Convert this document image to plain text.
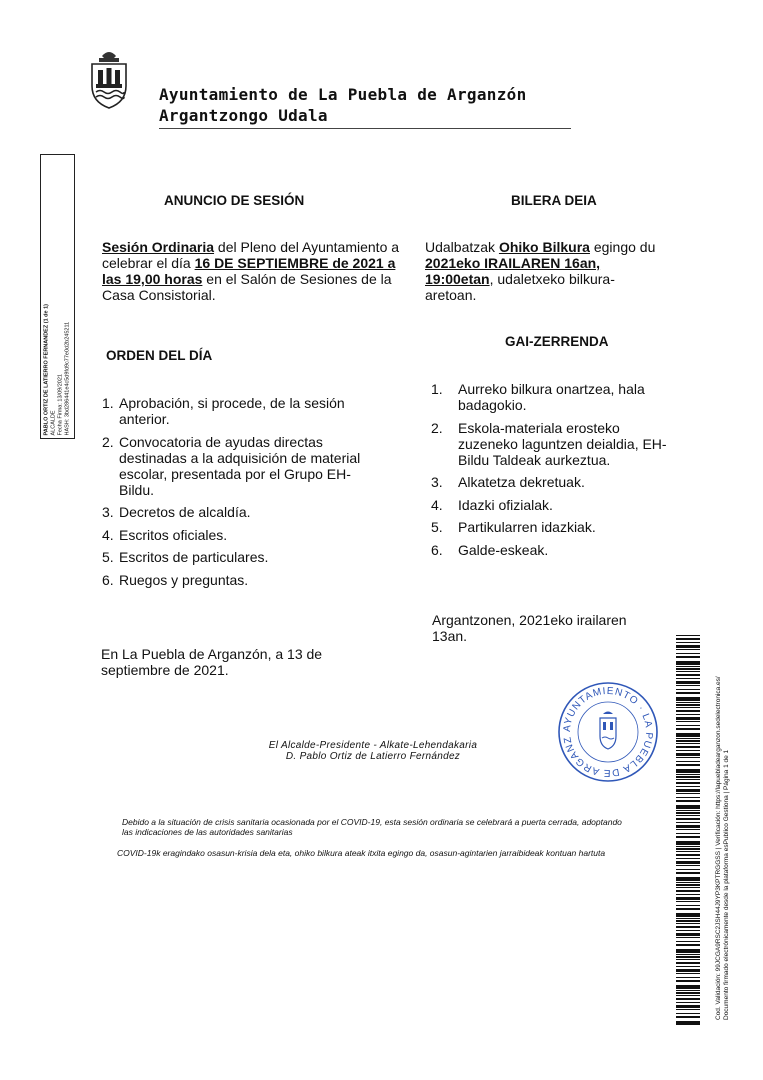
Ayuntamiento de La Puebla de Arganzón
Argantzongo Udala
PABLO ORTIZ DE LATIERRO FERNANDEZ (1 de 1) ALCALDE Fecha Firma: 13/09/2021 HASH: 3bd286441e4c5d9fd9c77e0d2b245211
ANUNCIO DE SESIÓN
Sesión Ordinaria del Pleno del Ayuntamiento a celebrar el día 16 DE SEPTIEMBRE de 2021 a las 19,00 horas en el Salón de Sesiones de la Casa Consistorial.
ORDEN DEL DÍA
1. Aprobación, si procede, de la sesión anterior.
2. Convocatoria de ayudas directas destinadas a la adquisición de material escolar, presentada por el Grupo EH-Bildu.
3. Decretos de alcaldía.
4. Escritos oficiales.
5. Escritos de particulares.
6. Ruegos y preguntas.
En La Puebla de Arganzón, a 13 de septiembre de 2021.
BILERA DEIA
Udalbatzak Ohiko Bilkura egingo du 2021eko IRAILAREN 16an, 19:00etan, udaletxeko bilkura-aretoan.
GAI-ZERRENDA
1.	Aurreko bilkura onartzea, hala badagokio.
2.	Eskola-materiala erosteko zuzeneko laguntzen deialdia, EH-Bildu Taldeak aurkeztua.
3.	Alkatetza dekretuak.
4.	Idazki ofizialak.
5.	Partikularren idazkiak.
6.	Galde-eskeak.
Argantzonen, 2021eko irailaren 13an.
AYUNTAMIENTO · LA PUEBLA DE ARGANZ	Cod. Validación: 99JCGA9RSC2JSH44J9YP3KPTRGGSS | Verificación: https://lapuebladearganzon.sedelectronica.es/ Documento firmado electrónicamente desde la plataforma esPublico Gestiona | Página 1 de 1
El Alcalde-Presidente - Alkate-Lehendakaria
D. Pablo Ortiz de Latierro Fernández
Debido a la situación de crisis sanitaria ocasionada por el COVID-19, esta sesión ordinaria se celebrará a puerta cerrada, adoptando las indicaciones de las autoridades sanitarias
COVID-19k eragindako osasun-krisia dela eta, ohiko bilkura ateak itxita egingo da, osasun-agintarien jarraibideak kontuan hartuta
